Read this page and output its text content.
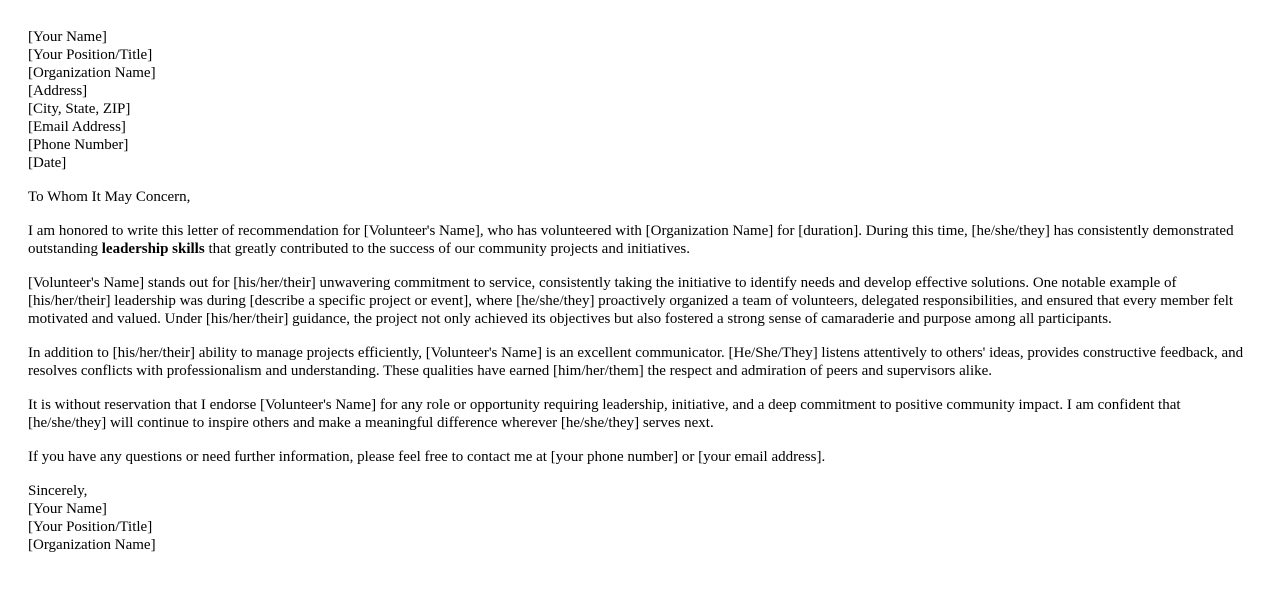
[Your Name]
[Your Position/Title]
[Organization Name]
[Address]
[City, State, ZIP]
[Email Address]
[Phone Number]
[Date]

To Whom It May Concern,

I am honored to write this letter of recommendation for [Volunteer's Name], who has volunteered with [Organization Name] for [duration]. During this time, [he/she/they] has consistently demonstrated outstanding leadership skills that greatly contributed to the success of our community projects and initiatives.

[Volunteer's Name] stands out for [his/her/their] unwavering commitment to service, consistently taking the initiative to identify needs and develop effective solutions. One notable example of [his/her/their] leadership was during [describe a specific project or event], where [he/she/they] proactively organized a team of volunteers, delegated responsibilities, and ensured that every member felt motivated and valued. Under [his/her/their] guidance, the project not only achieved its objectives but also fostered a strong sense of camaraderie and purpose among all participants.

In addition to [his/her/their] ability to manage projects efficiently, [Volunteer's Name] is an excellent communicator. [He/She/They] listens attentively to others' ideas, provides constructive feedback, and resolves conflicts with professionalism and understanding. These qualities have earned [him/her/them] the respect and admiration of peers and supervisors alike.

It is without reservation that I endorse [Volunteer's Name] for any role or opportunity requiring leadership, initiative, and a deep commitment to positive community impact. I am confident that [he/she/they] will continue to inspire others and make a meaningful difference wherever [he/she/they] serves next.

If you have any questions or need further information, please feel free to contact me at [your phone number] or [your email address].

Sincerely,
[Your Name]
[Your Position/Title]
[Organization Name]
